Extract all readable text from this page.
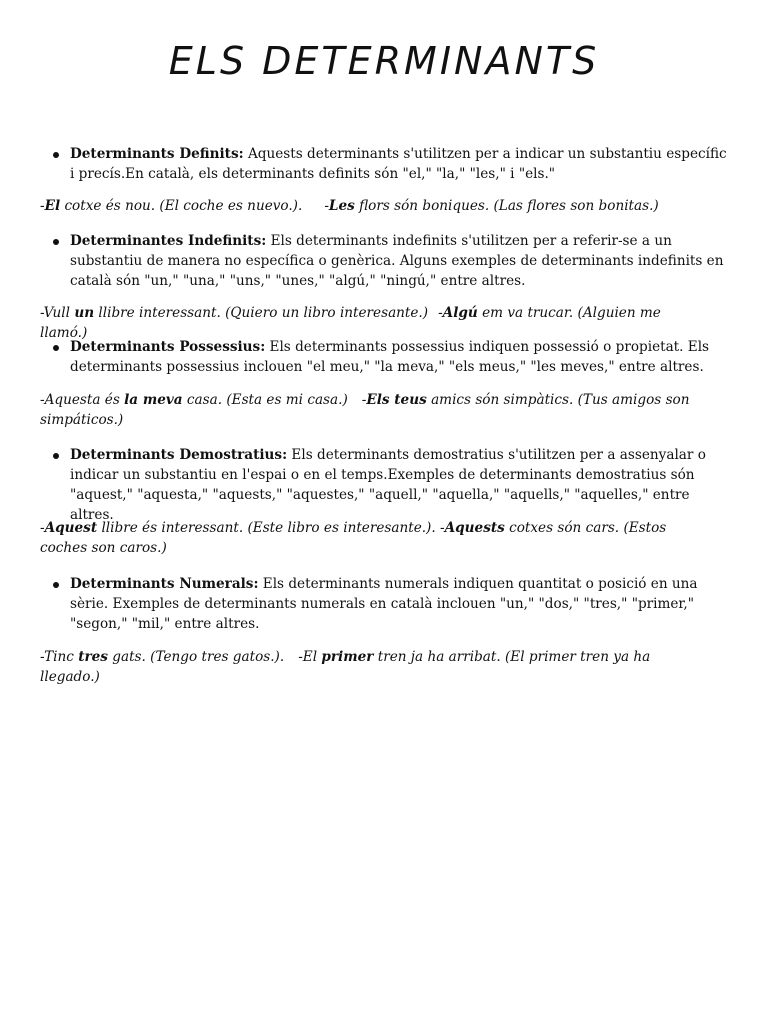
ELS DETERMINANTS
Determinants Definits: Aquests determinants s'utilitzen per a indicar un substantiu específic i precís.En català, els determinants definits són "el," "la," "les," i "els."
-El cotxe és nou. (El coche es nuevo.). -Les flors són boniques. (Las flores son bonitas.)
Determinantes Indefinits: Els determinants indefinits s'utilitzen per a referir-se a un substantiu de manera no específica o genèrica. Alguns exemples de determinants indefinits en català són "un," "una," "uns," "unes," "algú," "ningú," entre altres.
-Vull un llibre interessant. (Quiero un libro interesante.) -Algú em va trucar. (Alguien me llamó.)
Determinants Possessius: Els determinants possessius indiquen possessió o propietat. Els determinants possessius inclouen "el meu," "la meva," "els meus," "les meves," entre altres.
-Aquesta és la meva casa. (Esta es mi casa.) -Els teus amics són simpàtics. (Tus amigos son simpáticos.)
Determinants Demostratius: Els determinants demostratius s'utilitzen per a assenyalar o indicar un substantiu en l'espai o en el temps.Exemples de determinants demostratius són "aquest," "aquesta," "aquests," "aquestes," "aquell," "aquella," "aquells," "aquelles," entre altres.
-Aquest llibre és interessant. (Este libro es interesante.). -Aquests cotxes són cars. (Estos coches son caros.)
Determinants Numerals: Els determinants numerals indiquen quantitat o posició en una sèrie. Exemples de determinants numerals en català inclouen "un," "dos," "tres," "primer," "segon," "mil," entre altres.
-Tinc tres gats. (Tengo tres gatos.). -El primer tren ja ha arribat. (El primer tren ya ha llegado.)
